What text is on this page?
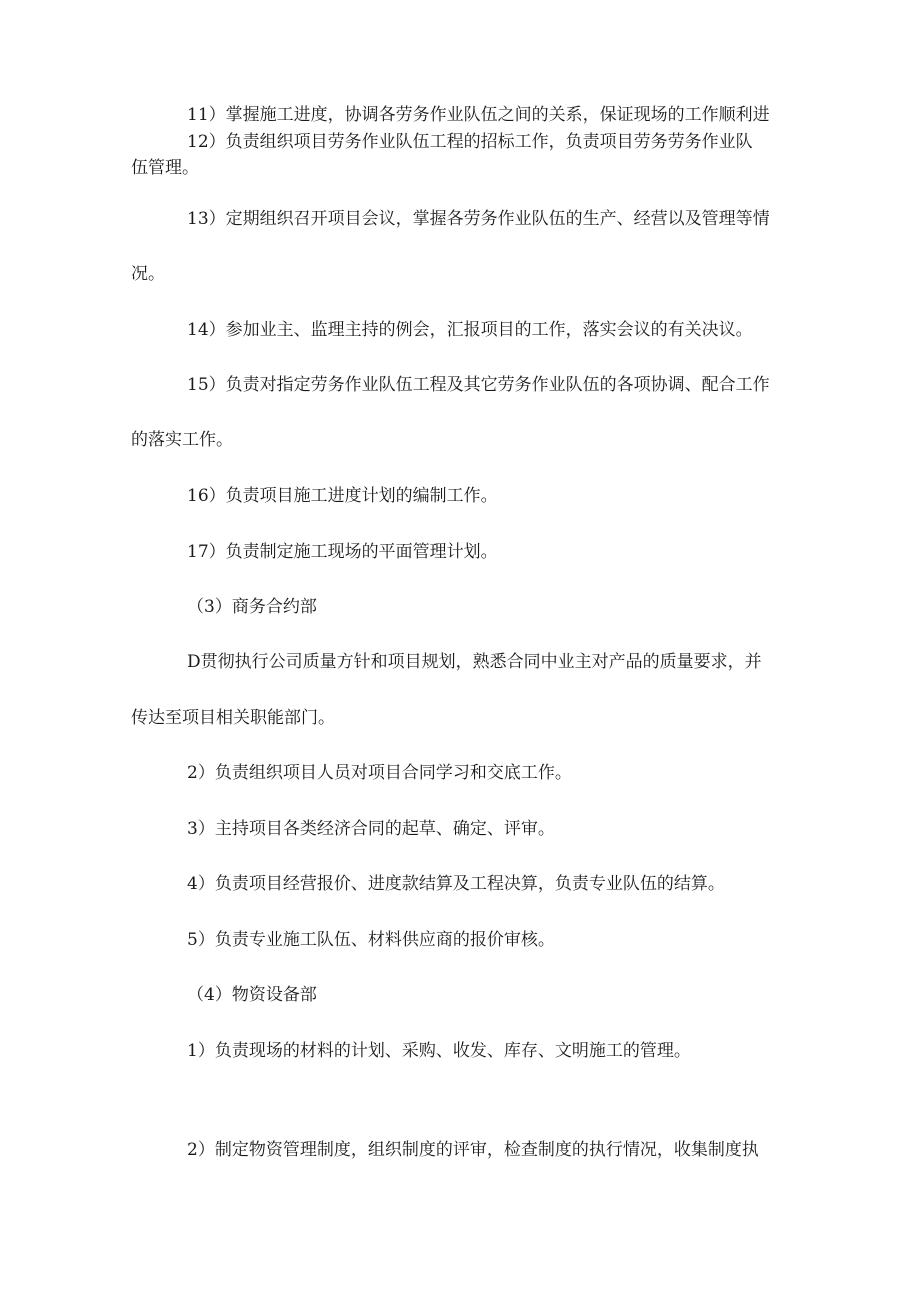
11）掌握施工进度，协调各劳务作业队伍之间的关系，保证现场的工作顺利进

12）负责组织项目劳务作业队伍工程的招标工作，负责项目劳务劳务作业队

伍管理。

13）定期组织召开项目会议，掌握各劳务作业队伍的生产、经营以及管理等情

况。

14）参加业主、监理主持的例会，汇报项目的工作，落实会议的有关决议。

15）负责对指定劳务作业队伍工程及其它劳务作业队伍的各项协调、配合工作

的落实工作。

16）负责项目施工进度计划的编制工作。

17）负责制定施工现场的平面管理计划。

（3）商务合约部

D贯彻执行公司质量方针和项目规划，熟悉合同中业主对产品的质量要求，并

传达至项目相关职能部门。

2）负责组织项目人员对项目合同学习和交底工作。

3）主持项目各类经济合同的起草、确定、评审。

4）负责项目经营报价、进度款结算及工程决算，负责专业队伍的结算。

5）负责专业施工队伍、材料供应商的报价审核。

（4）物资设备部

1）负责现场的材料的计划、采购、收发、库存、文明施工的管理。

2）制定物资管理制度，组织制度的评审，检查制度的执行情况，收集制度执
